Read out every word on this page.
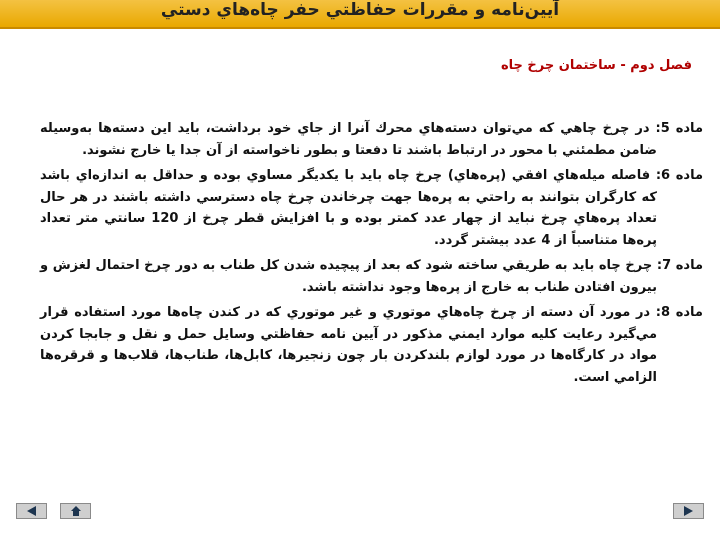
آيين‌نامه و مقررات حفاظتي حفر چاه‌هاي دستي
فصل دوم - ساختمان چرخ چاه

ماده 5: در چرخ چاهي كه مي‌توان دسته‌هاي محرك آنرا از جاي خود برداشت، بايد اين دسته‌ها به‌وسيله ضامن مطمئني با محور در ارتباط باشند تا دفعتا و بطور ناخواسته از آن جدا يا خارج نشوند.

ماده 6: فاصله ميله‌هاي افقي (پره‌هاي) چرخ چاه بايد با يكديگر مساوي بوده و حداقل به اندازه‌اي باشد كه كارگران بتوانند به راحتي به پره‌ها جهت چرخاندن چرخ چاه دسترسي داشته باشند در هر حال تعداد پره‌هاي چرخ نبايد از چهار عدد كمتر بوده و با افزايش قطر چرخ از 120 سانتي متر تعداد پره‌ها متناسباً از 4 عدد بيشتر گردد.

ماده 7: چرخ چاه بايد به طريقي ساخته شود كه بعد از پيچيده شدن كل طناب به دور چرخ احتمال لغزش و بيرون افتادن طناب به خارج از پره‌ها وجود نداشته باشد.

ماده 8: در مورد آن دسته از چرخ چاه‌هاي موتوري و غير موتوري كه در كندن چاه‌ها مورد استفاده قرار مي‌گيرد رعايت كليه موارد ايمني مذكور در آيين نامه حفاظتي وسايل حمل و نقل و جابجا كردن مواد در كارگاه‌ها در مورد لوازم بلندكردن بار چون زنجيرها، كابل‌ها، طناب‌ها، قلاب‌ها و قرقره‌ها الزامي است.
